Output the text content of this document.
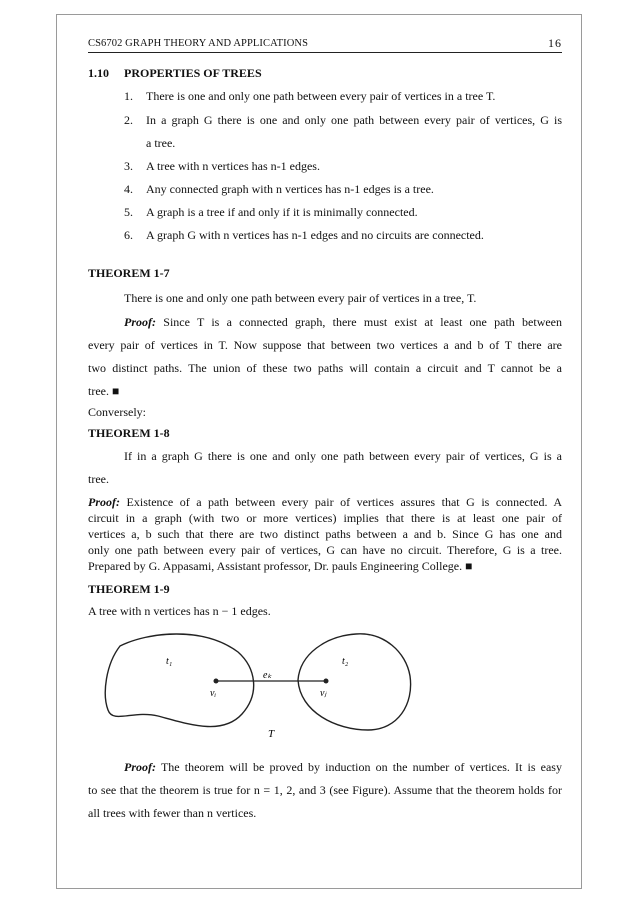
CS6702 GRAPH THEORY AND APPLICATIONS	16
1.10 PROPERTIES OF TREES
1. There is one and only one path between every pair of vertices in a tree T.
2. In a graph G there is one and only one path between every pair of vertices, G is
a tree.
3. A tree with n vertices has n-1 edges.
4. Any connected graph with n vertices has n-1 edges is a tree.
5. A graph is a tree if and only if it is minimally connected.
6. A graph G with n vertices has n-1 edges and no circuits are connected.
THEOREM 1-7
There is one and only one path between every pair of vertices in a tree, T.
Proof: Since T is a connected graph, there must exist at least one path between
every pair of vertices in T. Now suppose that between two vertices a and b of T there are
two distinct paths. The union of these two paths will contain a circuit and T cannot be a
tree. ■
Conversely:
THEOREM 1-8
If in a graph G there is one and only one path between every pair of vertices, G is a
tree.
Proof: Existence of a path between every pair of vertices assures that G is connected. A
circuit in a graph (with two or more vertices) implies that there is at least one pair of
vertices a, b such that there are two distinct paths between a and b. Since G has one and
only one path between every pair of vertices, G can have no circuit. Therefore, G is a tree.
Prepared by G. Appasami, Assistant professor, Dr. pauls Engineering College. ■
THEOREM 1-9
A tree with n vertices has n − 1 edges.
t₁	t₂
vᵢ	vⱼ
eₖ
T
Proof: The theorem will be proved by induction on the number of vertices. It is easy
to see that the theorem is true for n = 1, 2, and 3 (see Figure). Assume that the theorem holds for
all trees with fewer than n vertices.
